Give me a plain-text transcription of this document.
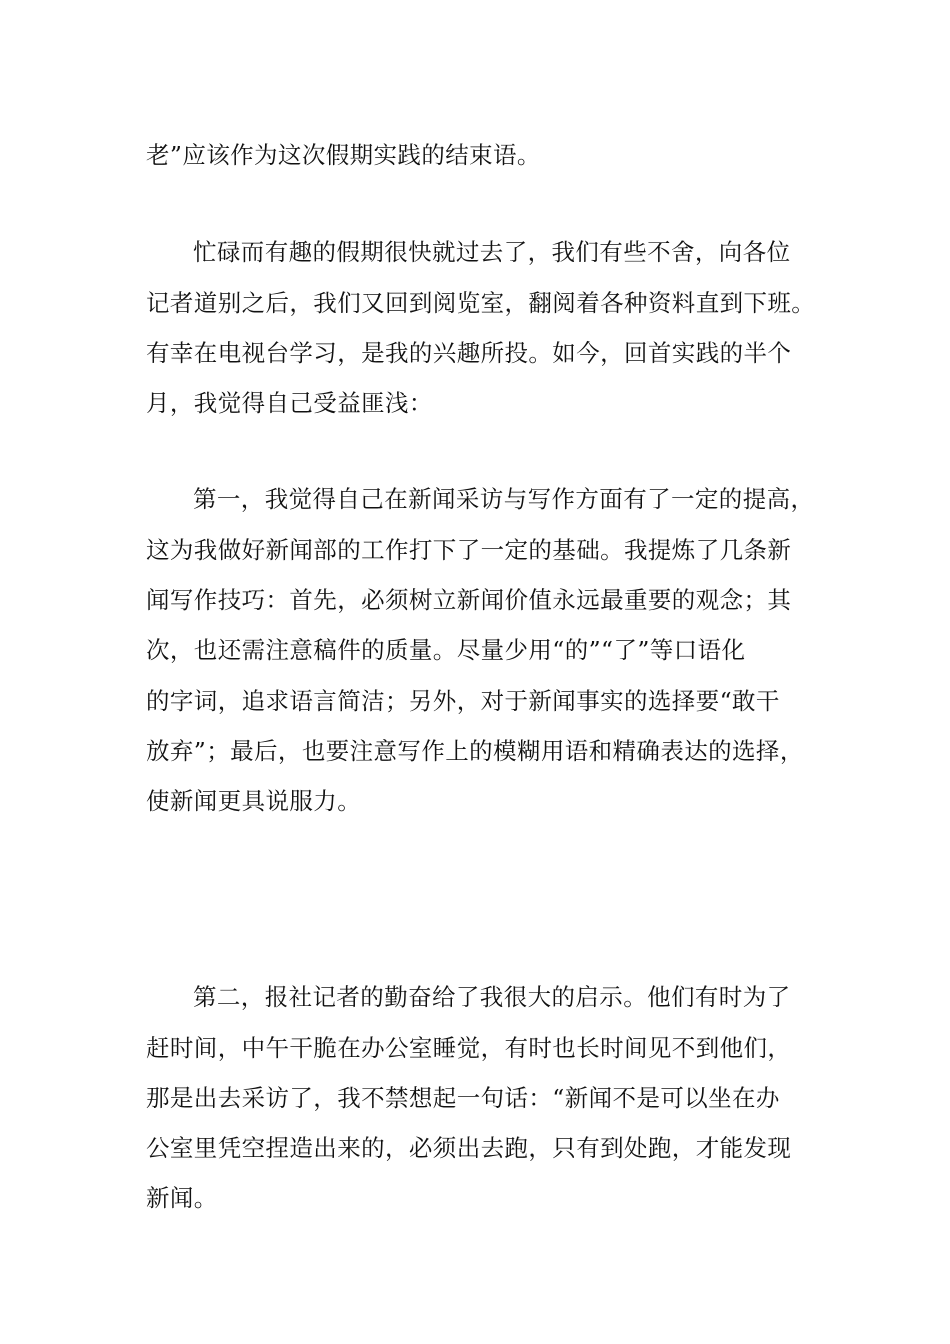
老”应该作为这次假期实践的结束语。
忙碌而有趣的假期很快就过去了，我们有些不舍，向各位
记者道别之后，我们又回到阅览室，翻阅着各种资料直到下班。
有幸在电视台学习，是我的兴趣所投。如今，回首实践的半个
月，我觉得自己受益匪浅：
第一，我觉得自己在新闻采访与写作方面有了一定的提高，
这为我做好新闻部的工作打下了一定的基础。我提炼了几条新
闻写作技巧：首先，必须树立新闻价值永远最重要的观念；其
次，也还需注意稿件的质量。尽量少用“的”“了”等口语化
的字词，追求语言简洁；另外，对于新闻事实的选择要“敢干
放弃”；最后，也要注意写作上的模糊用语和精确表达的选择，
使新闻更具说服力。
第二，报社记者的勤奋给了我很大的启示。他们有时为了
赶时间，中午干脆在办公室睡觉，有时也长时间见不到他们，
那是出去采访了，我不禁想起一句话：“新闻不是可以坐在办
公室里凭空捏造出来的，必须出去跑，只有到处跑，才能发现
新闻。
